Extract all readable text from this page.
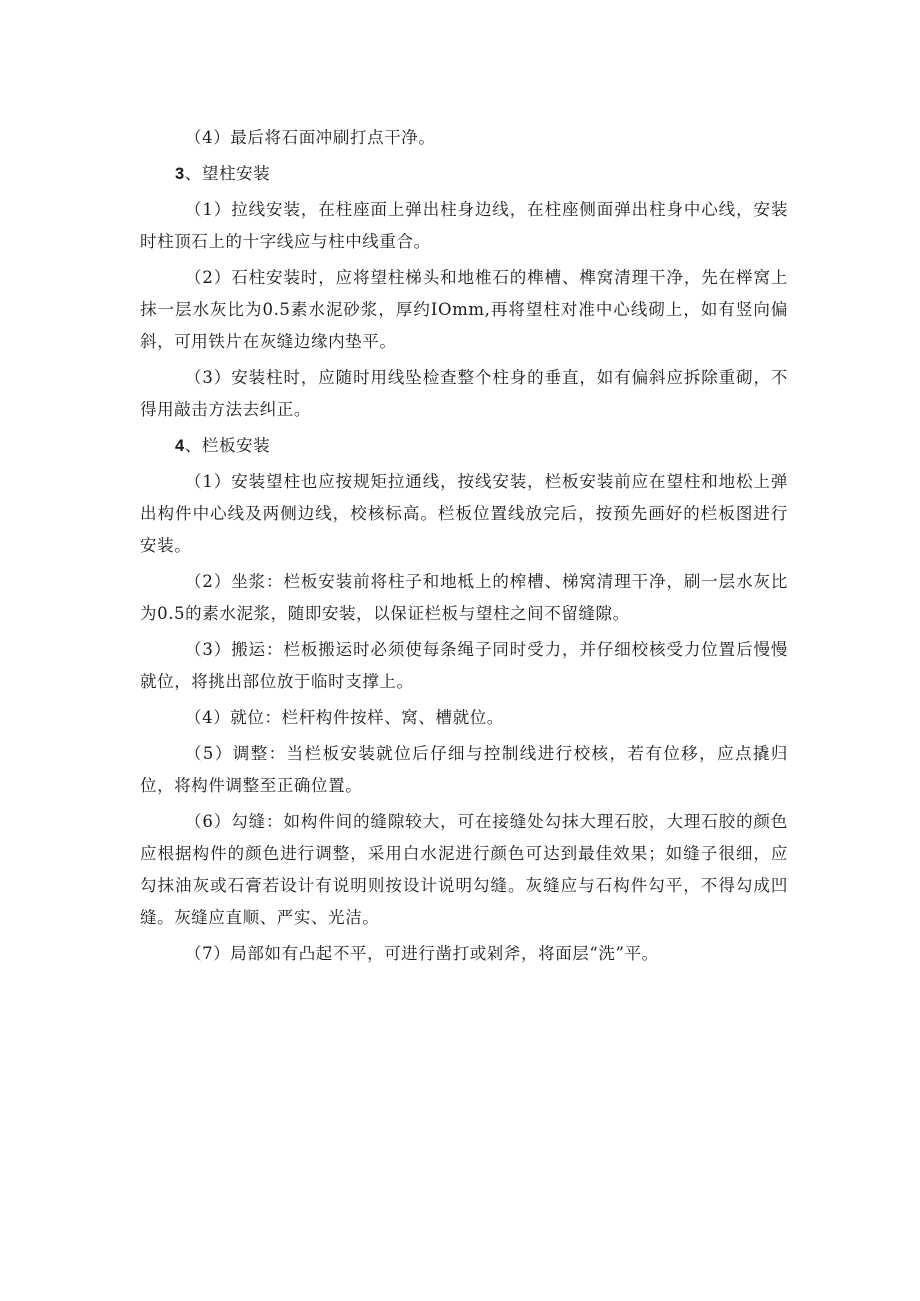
（4）最后将石面冲刷打点干净。

3、望柱安装

（1）拉线安装，在柱座面上弹出柱身边线，在柱座侧面弹出柱身中心线，安装时柱顶石上的十字线应与柱中线重合。

（2）石柱安装时，应将望柱梯头和地椎石的榫槽、榫窝清理干净，先在榉窝上抹一层水灰比为0.5素水泥砂浆，厚约IOmm,再将望柱对准中心线砌上，如有竖向偏斜，可用铁片在灰缝边缘内垫平。

（3）安装柱时，应随时用线坠检查整个柱身的垂直，如有偏斜应拆除重砌，不得用敲击方法去纠正。

4、栏板安装

（1）安装望柱也应按规矩拉通线，按线安装，栏板安装前应在望柱和地松上弹出构件中心线及两侧边线，校核标高。栏板位置线放完后，按预先画好的栏板图进行安装。

（2）坐浆：栏板安装前将柱子和地柢上的榨槽、梯窝清理干净，刷一层水灰比为0.5的素水泥浆，随即安装，以保证栏板与望柱之间不留缝隙。

（3）搬运：栏板搬运时必须使每条绳子同时受力，并仔细校核受力位置后慢慢就位，将挑出部位放于临时支撑上。

（4）就位：栏杆构件按样、窝、槽就位。

（5）调整：当栏板安装就位后仔细与控制线进行校核，若有位移，应点撬归位，将构件调整至正确位置。

（6）勾缝：如构件间的缝隙较大，可在接缝处勾抹大理石胶，大理石胶的颜色应根据构件的颜色进行调整，采用白水泥进行颜色可达到最佳效果；如缝子很细，应勾抹油灰或石膏若设计有说明则按设计说明勾缝。灰缝应与石构件勾平，不得勾成凹缝。灰缝应直顺、严实、光洁。

（7）局部如有凸起不平，可进行凿打或剁斧，将面层“洗”平。
